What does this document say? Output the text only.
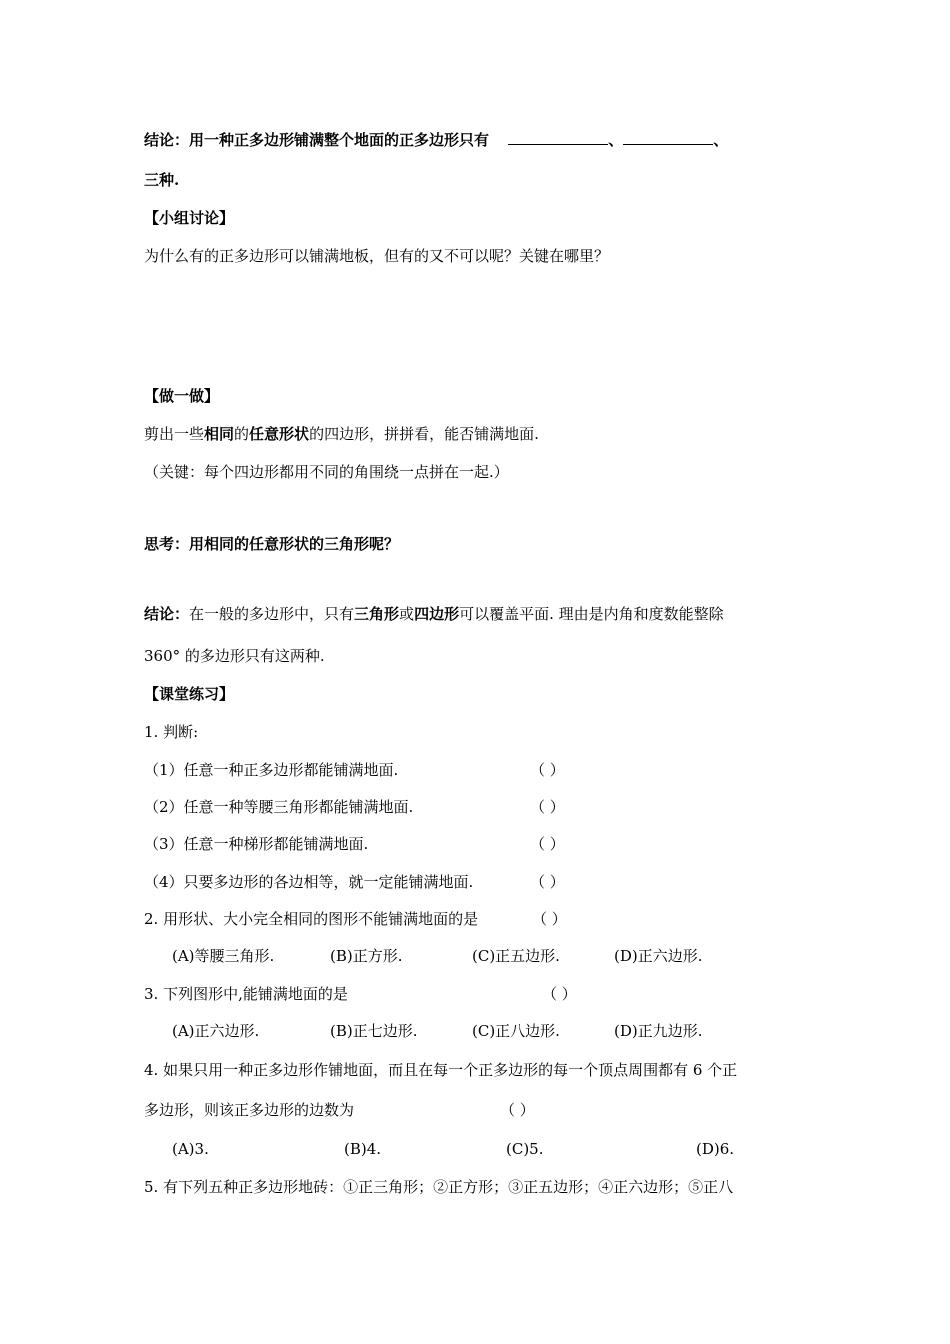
结论：用一种正多边形铺满整个地面的正多边形只有	、	、
三种.
【小组讨论】
为什么有的正多边形可以铺满地板，但有的又不可以呢？关键在哪里？
【做一做】
剪出一些相同的任意形状的四边形，拼拼看，能否铺满地面.
（关键：每个四边形都用不同的角围绕一点拼在一起.）
思考：用相同的任意形状的三角形呢？
结论：在一般的多边形中，只有三角形或四边形可以覆盖平面. 理由是内角和度数能整除
360° 的多边形只有这两种.
【课堂练习】
1. 判断:
（1）任意一种正多边形都能铺满地面.	（ ）
（2）任意一种等腰三角形都能铺满地面.	（ ）
（3）任意一种梯形都能铺满地面.	（ ）
（4）只要多边形的各边相等，就一定能铺满地面.	（ ）
2. 用形状、大小完全相同的图形不能铺满地面的是	（ ）
(A)等腰三角形.	(B)正方形.	(C)正五边形.	(D)正六边形.
3. 下列图形中,能铺满地面的是	（ ）
(A)正六边形.	(B)正七边形.	(C)正八边形.	(D)正九边形.
4. 如果只用一种正多边形作铺地面，而且在每一个正多边形的每一个顶点周围都有 6 个正
多边形，则该正多边形的边数为	（ ）
(A)3.	(B)4.	(C)5.	(D)6.
5. 有下列五种正多边形地砖：①正三角形；②正方形；③正五边形；④正六边形；⑤正八
